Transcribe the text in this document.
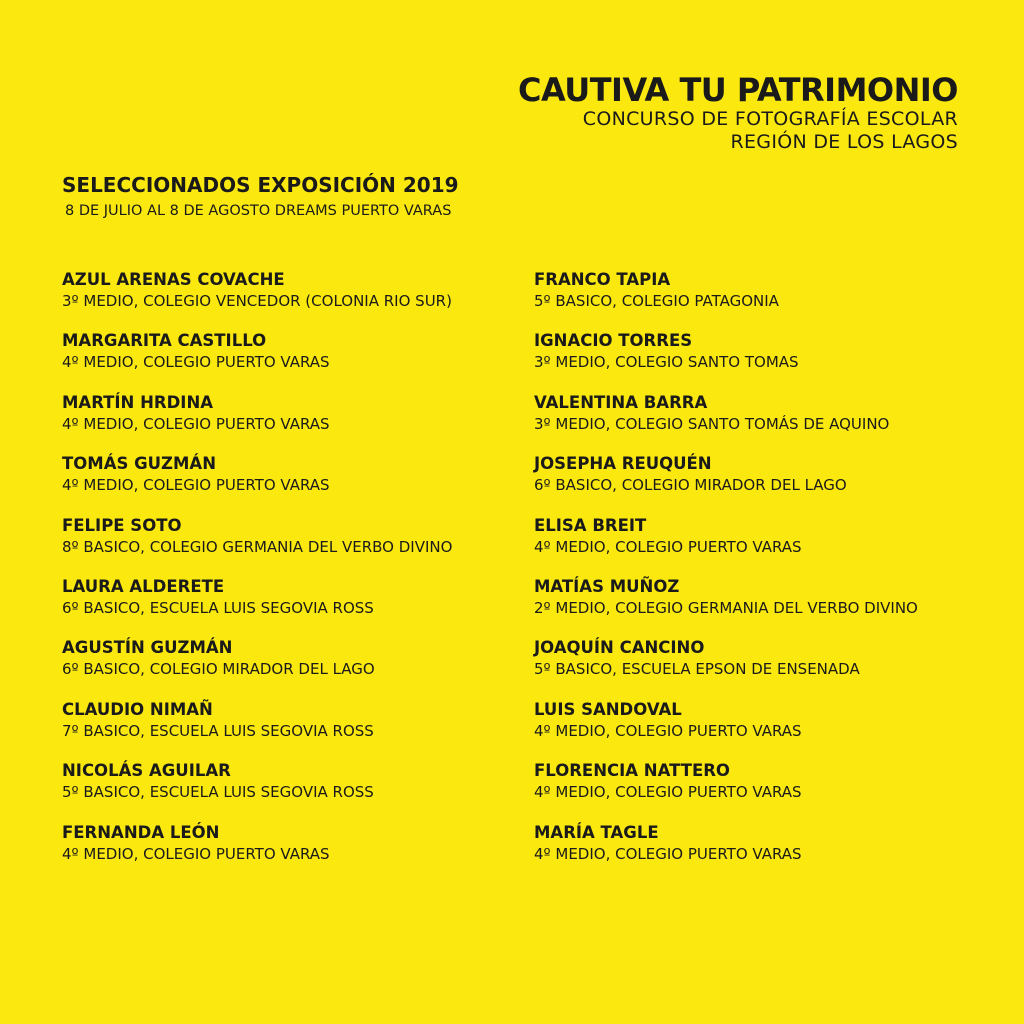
CAUTIVA TU PATRIMONIO
CONCURSO DE FOTOGRAFÍA ESCOLAR
REGIÓN DE LOS LAGOS
SELECCIONADOS EXPOSICIÓN 2019
8 DE JULIO AL 8 DE AGOSTO DREAMS PUERTO VARAS
AZUL ARENAS COVACHE
3º MEDIO, COLEGIO VENCEDOR (COLONIA RIO SUR)
MARGARITA CASTILLO
4º MEDIO, COLEGIO PUERTO VARAS
MARTÍN HRDINA
4º MEDIO, COLEGIO PUERTO VARAS
TOMÁS GUZMÁN
4º MEDIO, COLEGIO PUERTO VARAS
FELIPE SOTO
8º BASICO, COLEGIO GERMANIA DEL VERBO DIVINO
LAURA ALDERETE
6º BASICO, ESCUELA LUIS SEGOVIA ROSS
AGUSTÍN GUZMÁN
6º BASICO, COLEGIO MIRADOR DEL LAGO
CLAUDIO NIMAÑ
7º BASICO, ESCUELA LUIS SEGOVIA ROSS
NICOLÁS AGUILAR
5º BASICO, ESCUELA LUIS SEGOVIA ROSS
FERNANDA LEÓN
4º MEDIO, COLEGIO PUERTO VARAS
FRANCO TAPIA
5º BASICO, COLEGIO PATAGONIA
IGNACIO TORRES
3º MEDIO, COLEGIO SANTO TOMAS
VALENTINA BARRA
3º MEDIO, COLEGIO SANTO TOMÁS DE AQUINO
JOSEPHA REUQUÉN
6º BASICO, COLEGIO MIRADOR DEL LAGO
ELISA BREIT
4º MEDIO, COLEGIO PUERTO VARAS
MATÍAS MUÑOZ
2º MEDIO, COLEGIO GERMANIA DEL VERBO DIVINO
JOAQUÍN CANCINO
5º BASICO, ESCUELA EPSON DE ENSENADA
LUIS SANDOVAL
4º MEDIO, COLEGIO PUERTO VARAS
FLORENCIA NATTERO
4º MEDIO, COLEGIO PUERTO VARAS
MARÍA TAGLE
4º MEDIO, COLEGIO PUERTO VARAS
